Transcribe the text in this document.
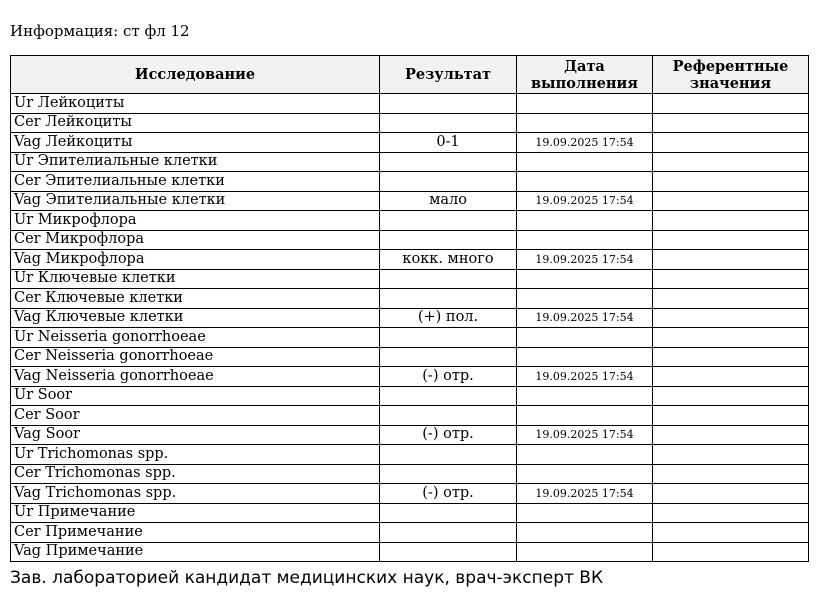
Информация: ст фл 12
Исследование	Результат	Дата выполнения	Референтные значения
Ur Лейкоциты			
Cer Лейкоциты			
Vag Лейкоциты	0-1	19.09.2025 17:54	
Ur Эпителиальные клетки			
Cer Эпителиальные клетки			
Vag Эпителиальные клетки	мало	19.09.2025 17:54	
Ur Микрофлора			
Cer Микрофлора			
Vag Микрофлора	кокк. много	19.09.2025 17:54	
Ur Ключевые клетки			
Cer Ключевые клетки			
Vag Ключевые клетки	(+) пол.	19.09.2025 17:54	
Ur Neisseria gonorrhoeae			
Cer Neisseria gonorrhoeae			
Vag Neisseria gonorrhoeae	(-) отр.	19.09.2025 17:54	
Ur Soor			
Cer Soor			
Vag Soor	(-) отр.	19.09.2025 17:54	
Ur Trichomonas spp.			
Cer Trichomonas spp.			
Vag Trichomonas spp.	(-) отр.	19.09.2025 17:54	
Ur Примечание			
Cer Примечание			
Vag Примечание			
Зав. лабораторией кандидат медицинских наук, врач-эксперт ВК
